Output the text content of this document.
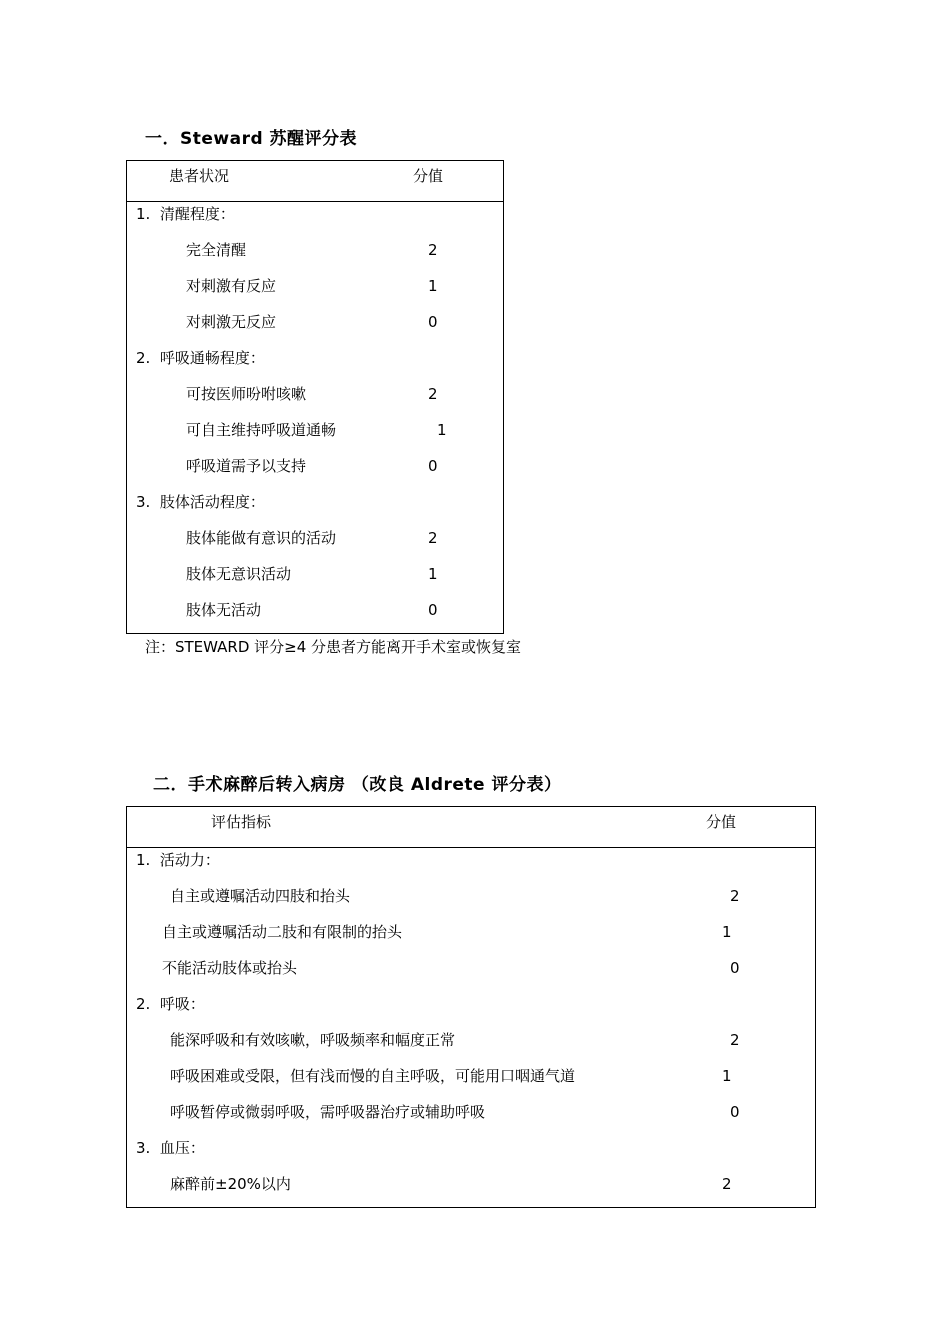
一．Steward 苏醒评分表
患者状况	分值
1.  清醒程度：
完全清醒	2
对刺激有反应	1
对刺激无反应	0
2.  呼吸通畅程度：
可按医师吩咐咳嗽	2
可自主维持呼吸道通畅	1
呼吸道需予以支持	0
3.  肢体活动程度：
肢体能做有意识的活动	2
肢体无意识活动	1
肢体无活动	0
注：STEWARD 评分≥4 分患者方能离开手术室或恢复室
二．手术麻醉后转入病房 （改良 Aldrete 评分表）
评估指标	分值
1.  活动力：
自主或遵嘱活动四肢和抬头	2
自主或遵嘱活动二肢和有限制的抬头	1
不能活动肢体或抬头	0
2.  呼吸：
能深呼吸和有效咳嗽，呼吸频率和幅度正常	2
呼吸困难或受限，但有浅而慢的自主呼吸，可能用口咽通气道	1
呼吸暂停或微弱呼吸，需呼吸器治疗或辅助呼吸	0
3.  血压：
麻醉前±20%以内	2
